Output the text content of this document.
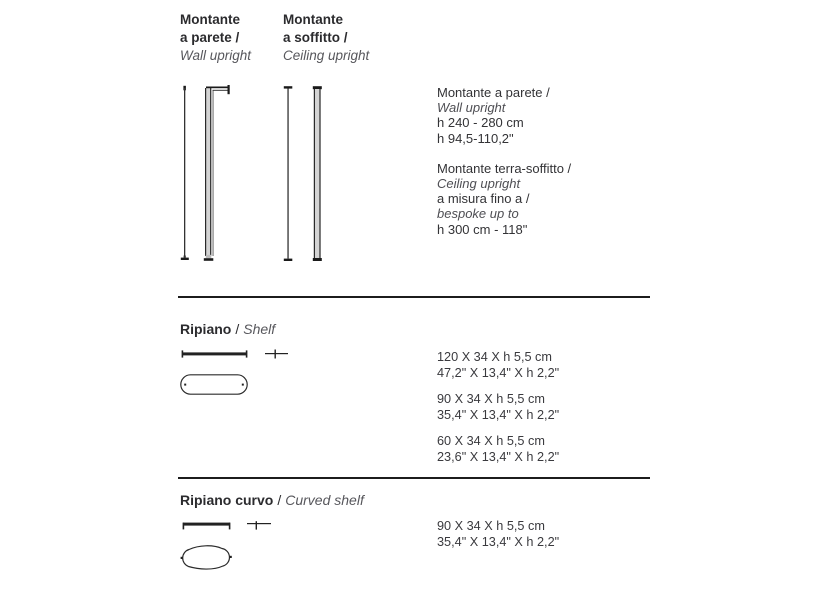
Montante
a parete /
Wall upright
Montante
a soffitto /
Ceiling upright
Montante a parete /
Wall upright
h 240 - 280 cm
h 94,5-110,2"
Montante terra-soffitto /
Ceiling upright
a misura fino a /
bespoke up to
h 300 cm - 118"
Ripiano / Shelf
120 X 34 X h 5,5 cm
47,2" X 13,4" X h 2,2"
90 X 34 X h 5,5 cm
35,4" X 13,4" X h 2,2"
60 X 34 X h 5,5 cm
23,6" X 13,4" X h 2,2"
Ripiano curvo / Curved shelf
90 X 34 X h 5,5 cm
35,4" X 13,4" X h 2,2"
